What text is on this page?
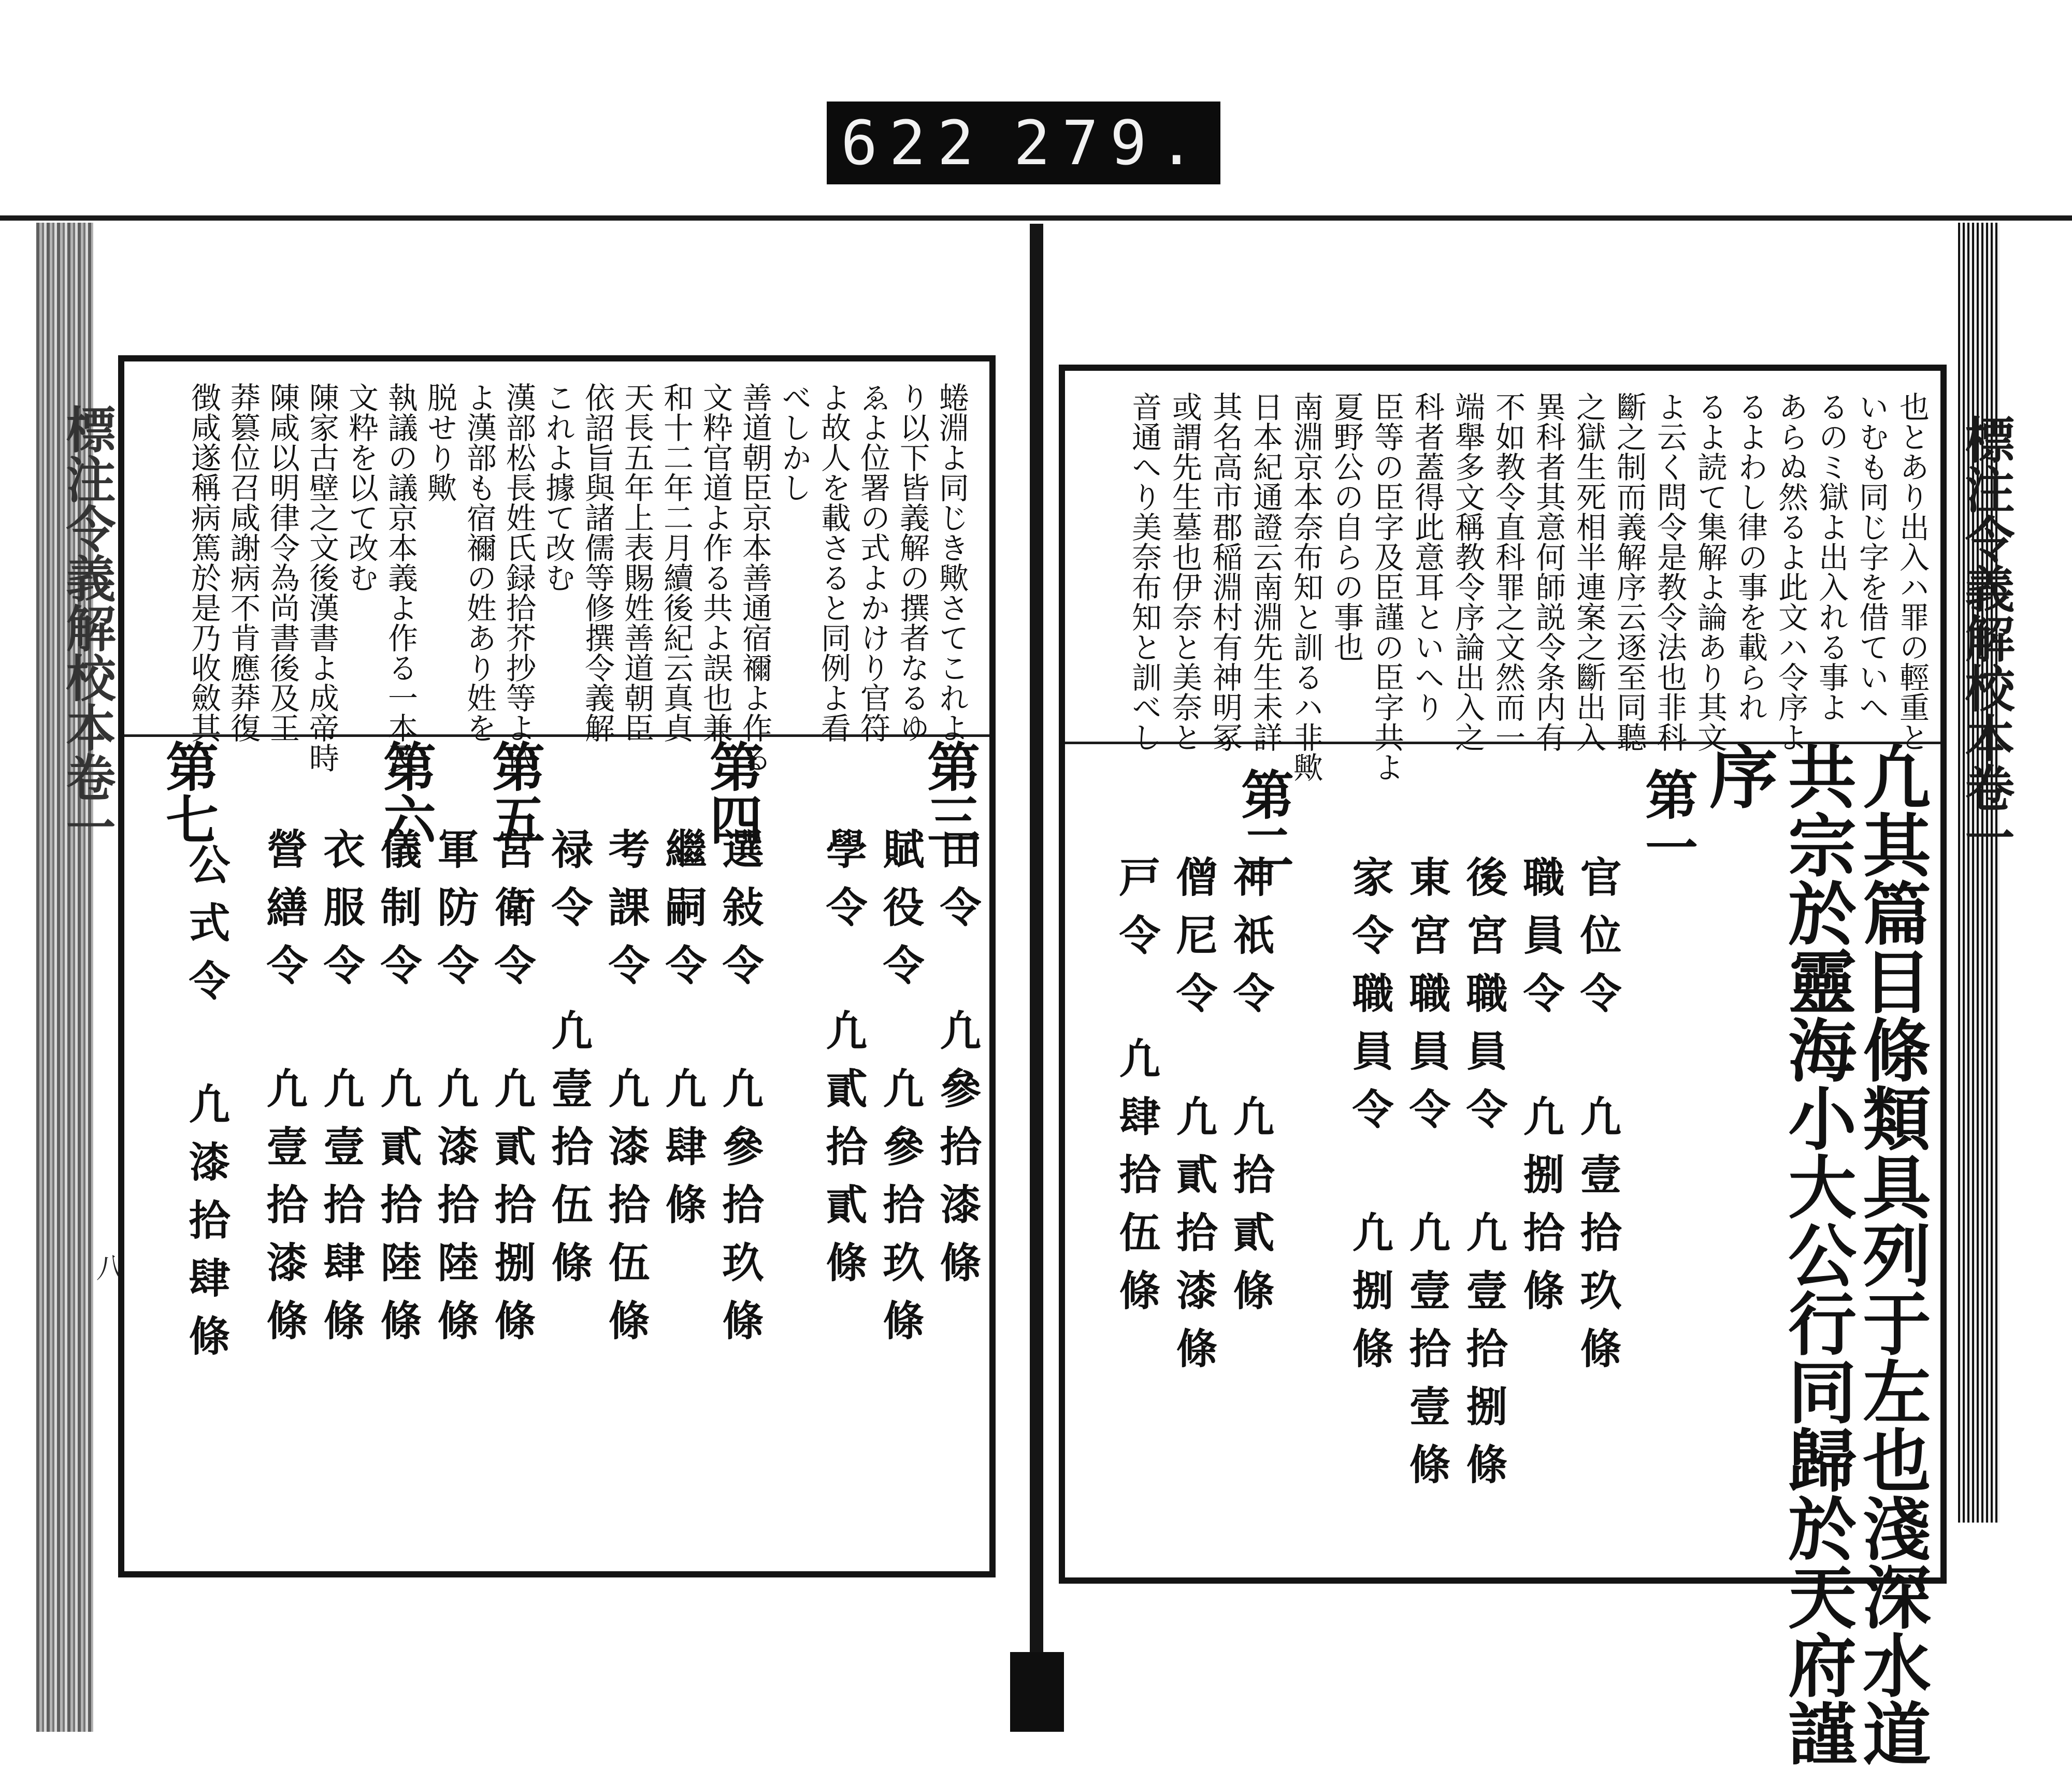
622 279.
標注令義解校本卷一
標注令義解校本卷一
八
也とあり出入ハ罪の輕重と
いむも同じ字を借ていへ
るのミ獄よ出入れる事よ
あらぬ然るよ此文ハ令序よ
るよわし律の事を載られ
るよ読て集解よ論あり其文
よ云く問令是教令法也非科
斷之制而義解序云逐至同聽
之獄生死相半連案之斷出入
異科者其意何師説令条内有
不如教令直科罪之文然而一
端舉多文稱教令序論出入之
科者蓋得此意耳といへり
臣等の臣字及臣謹の臣字共よ
夏野公の自らの事也
南淵京本奈布知と訓るハ非歟
日本紀通證云南淵先生未詳
其名高市郡稲淵村有神明冢
或謂先生墓也伊奈と美奈と
音通へり美奈布知と訓べし
凢其篇目條類具列于左也淺深水道
共宗於靈海小大公行同歸於天府謹
序
第一
官位令 凢壹拾玖條
職員令 凢捌拾條
後宮職員令 凢壹拾捌條
東宮職員令 凢壹拾壹條
家令職員令 凢捌條
第二
神祇令 凢拾貳條
僧尼令 凢貳拾漆條
戸令 凢肆拾伍條
蜷淵よ同じき歟さてこれよ
り以下皆義解の撰者なるゆ
ゑよ位署の式よかけり官符
よ故人を載さると同例よ看
べしかし
善道朝臣京本善通宿禰よ作る
文粋官道よ作る共よ誤也兼
和十二年二月續後紀云真貞
天長五年上表賜姓善道朝臣
依詔旨與諸儒等修撰令義解
これよ據て改む
漢部松長姓氏録拾芥抄等よ依
よ漢部も宿禰の姓あり姓を
脱せり歟
執議の議京本義よ作る一本及
文粋を以て改む
陳家古壁之文後漢書よ成帝時
陳咸以明律令為尚書後及王
莽篡位召咸謝病不肯應莽復
徴咸遂稱病篤於是乃收斂其
第三
田令 凢參拾漆條
賦役令 凢參拾玖條
學令 凢貳拾貳條
第四
選敍令 凢參拾玖條
繼嗣令 凢肆條
考課令 凢漆拾伍條
禄令 凢壹拾伍條
第五
宮衛令 凢貳拾捌條
軍防令 凢漆拾陸條
第六
儀制令 凢貳拾陸條
衣服令 凢壹拾肆條
營繕令 凢壹拾漆條
第七
公式令 凢漆拾肆條
